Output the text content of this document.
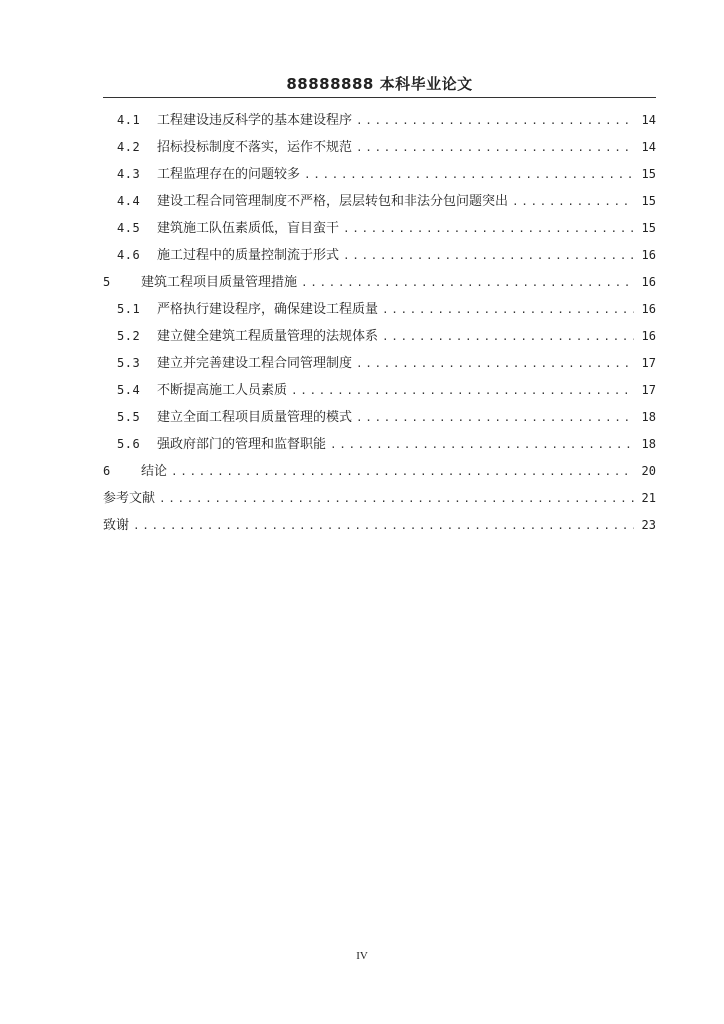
88888888 本科毕业论文
4.1	工程建设违反科学的基本建设程序 .....	14
4.2	招标投标制度不落实，运作不规范 .....	14
4.3	工程监理存在的问题较多 .....	15
4.4	建设工程合同管理制度不严格，层层转包和非法分包问题突出 .....	15
4.5	建筑施工队伍素质低，盲目蛮干 .....	15
4.6	施工过程中的质量控制流于形式 .....	16
5	建筑工程项目质量管理措施 .....	16
5.1	严格执行建设程序，确保建设工程质量 .....	16
5.2	建立健全建筑工程质量管理的法规体系 .....	16
5.3	建立并完善建设工程合同管理制度 .....	17
5.4	不断提高施工人员素质 .....	17
5.5	建立全面工程项目质量管理的模式 .....	18
5.6	强政府部门的管理和监督职能 .....	18
6	结论 .....	20
参考文献 .....	21
致谢 .....	23
IV
